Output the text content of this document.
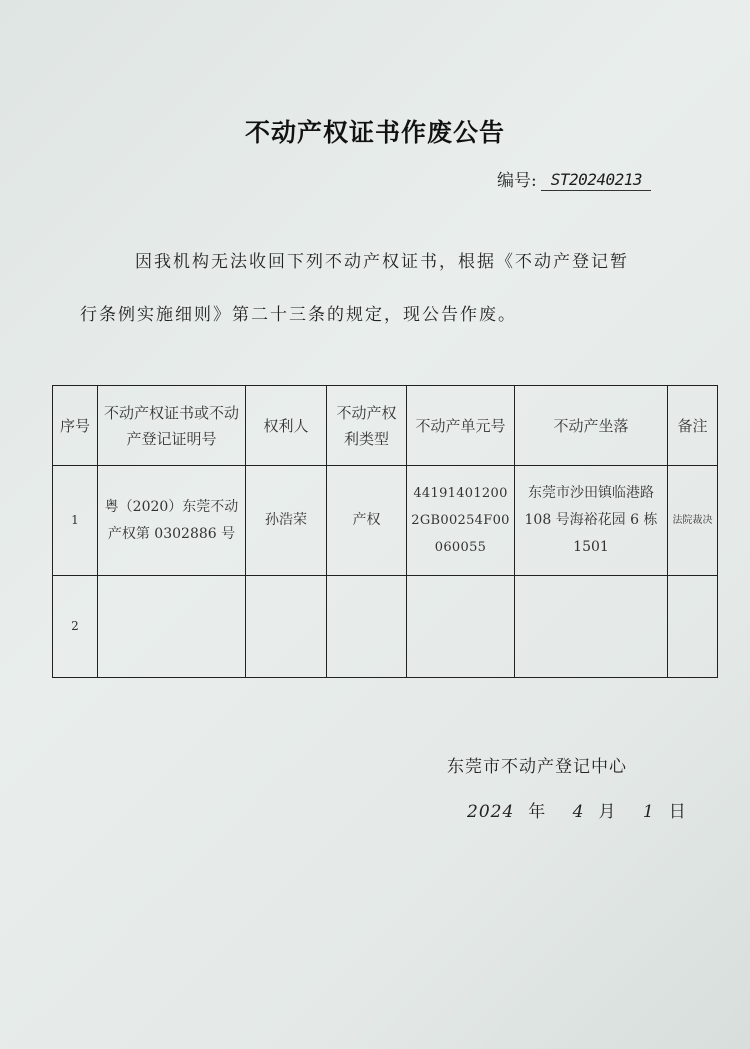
不动产权证书作废公告
编号: ST20240213
因我机构无法收回下列不动产权证书，根据《不动产登记暂
行条例实施细则》第二十三条的规定，现公告作废。
序号	不动产权证书或不动产登记证明号	权利人	不动产权利类型	不动产单元号	不动产坐落	备注
1	粤（2020）东莞不动产权第 0302886 号	孙浩荣	产权	441914012002GB00254F00060055	东莞市沙田镇临港路108 号海裕花园 6 栋 1501	法院裁决
2						
东莞市不动产登记中心
2024 年 4 月 1 日
